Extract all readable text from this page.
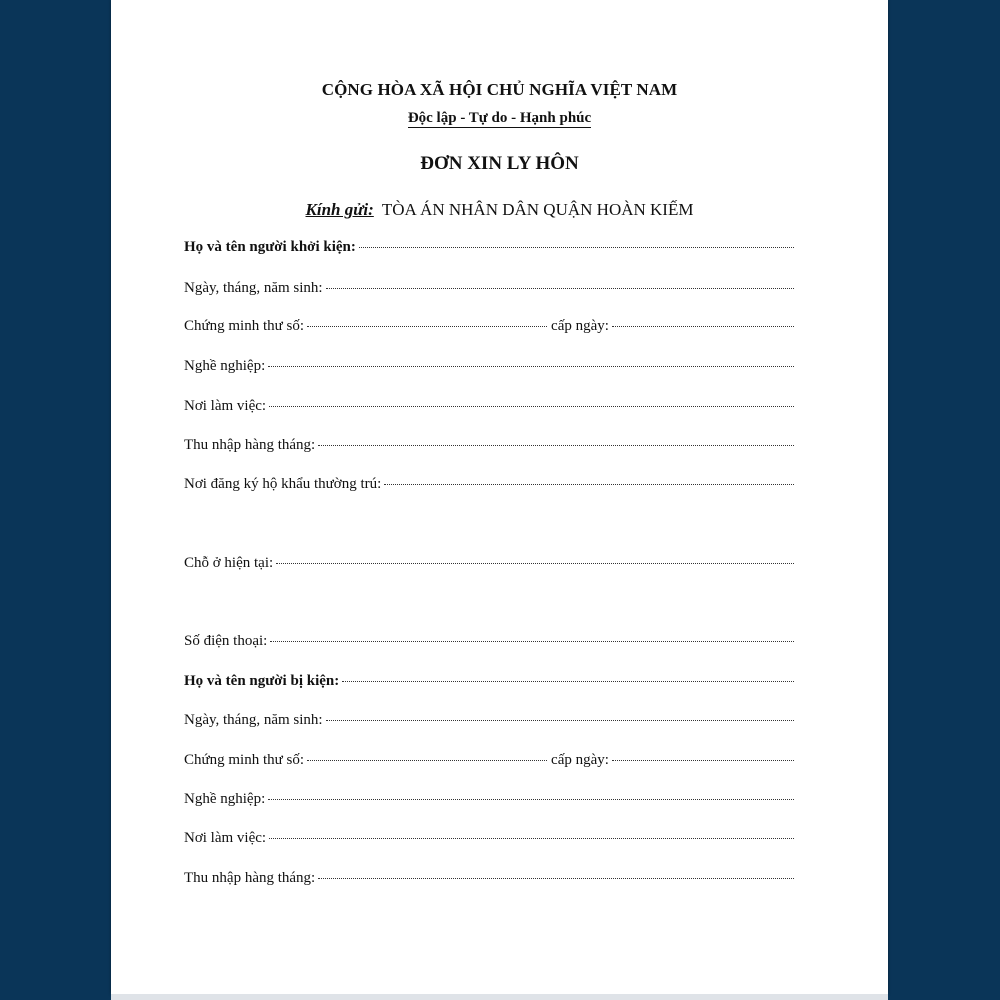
CỘNG HÒA XÃ HỘI CHỦ NGHĨA VIỆT NAM
Độc lập - Tự do - Hạnh phúc
ĐƠN XIN LY HÔN
Kính gửi: TÒA ÁN NHÂN DÂN QUẬN HOÀN KIẾM
Họ và tên người khởi kiện:
Ngày, tháng, năm sinh:
Chứng minh thư số:	cấp ngày:
Nghề nghiệp:
Nơi làm việc:
Thu nhập hàng tháng:
Nơi đăng ký hộ khẩu thường trú:
Chỗ ở hiện tại:
Số điện thoại:
Họ và tên người bị kiện:
Ngày, tháng, năm sinh:
Chứng minh thư số:	cấp ngày:
Nghề nghiệp:
Nơi làm việc:
Thu nhập hàng tháng:
